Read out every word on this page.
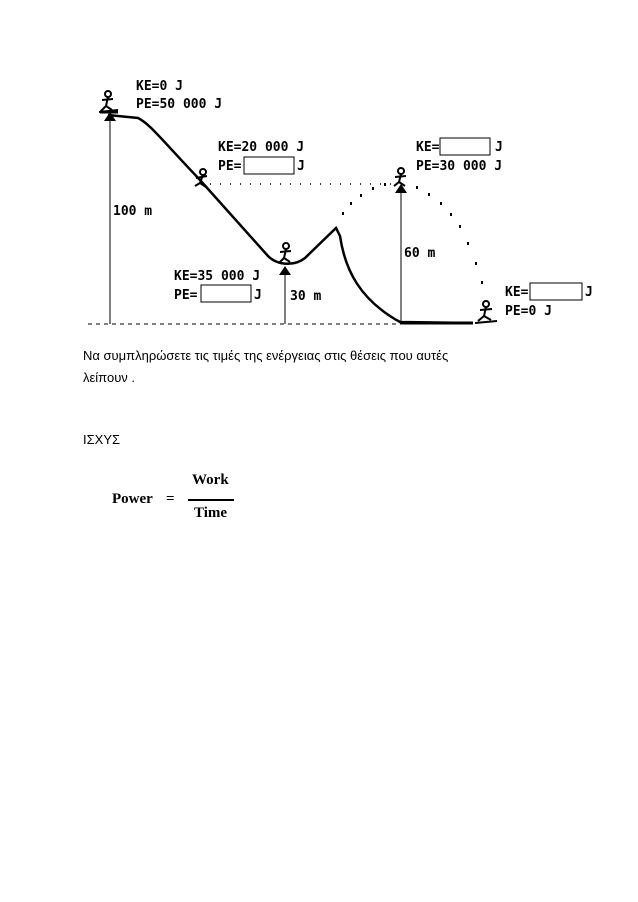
KE=0 J
PE=50 000 J
KE=20 000 J
PE=	J
KE=35 000 J
PE=	J
KE=	J
PE=30 000 J
KE=	J
PE=0 J
100 m
30 m
60 m
Να συμπληρώσετε τις τιμές της ενέργειας στις θέσεις που αυτές
λείπουν .
ΙΣΧΥΣ
Power =
Work
Time
